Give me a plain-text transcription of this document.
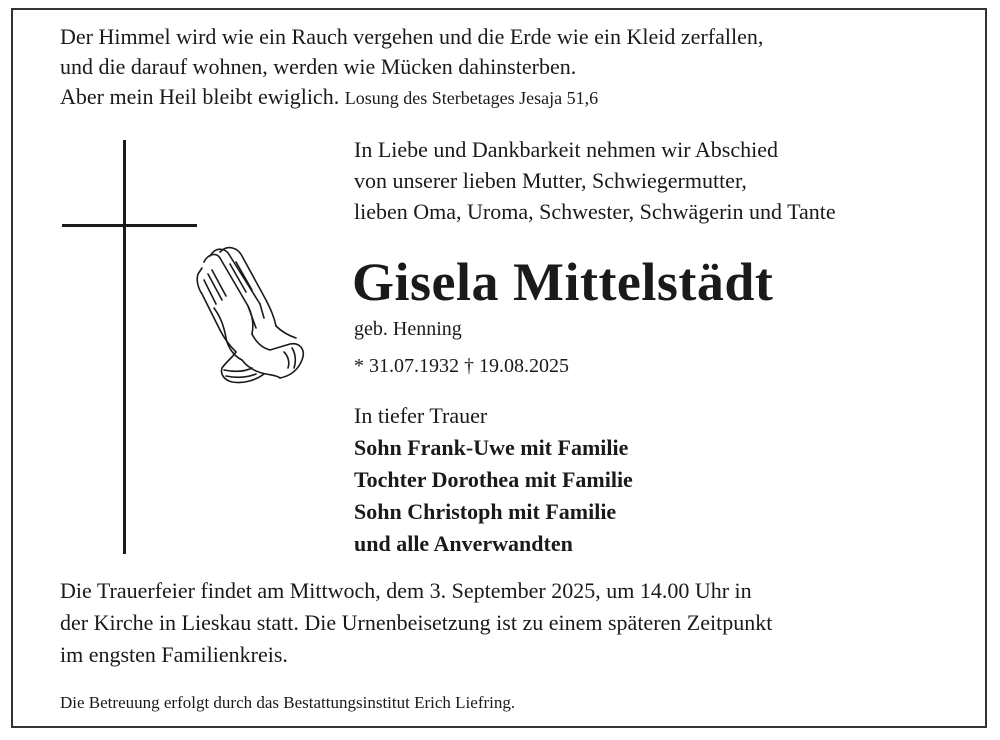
Der Himmel wird wie ein Rauch vergehen und die Erde wie ein Kleid zerfallen,
und die darauf wohnen, werden wie Mücken dahinsterben.
Aber mein Heil bleibt ewiglich. Losung des Sterbetages Jesaja 51,6
In Liebe und Dankbarkeit nehmen wir Abschied
von unserer lieben Mutter, Schwiegermutter,
lieben Oma, Uroma, Schwester, Schwägerin und Tante
Gisela Mittelstädt
geb. Henning
* 31.07.1932 † 19.08.2025
In tiefer Trauer
Sohn Frank-Uwe mit Familie
Tochter Dorothea mit Familie
Sohn Christoph mit Familie
und alle Anverwandten
Die Trauerfeier findet am Mittwoch, dem 3. September 2025, um 14.00 Uhr in
der Kirche in Lieskau statt. Die Urnenbeisetzung ist zu einem späteren Zeitpunkt
im engsten Familienkreis.
Die Betreuung erfolgt durch das Bestattungsinstitut Erich Liefring.
